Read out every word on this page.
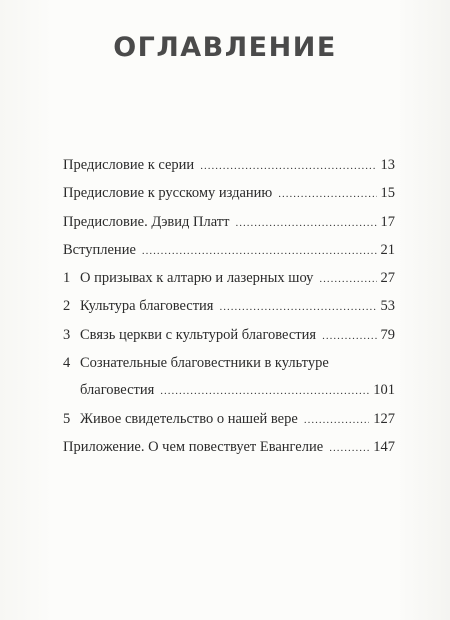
ОГЛАВЛЕНИЕ
Предисловие к серии .....	13
Предисловие к русскому изданию .....	15
Предисловие. Дэвид Платт .....	17
Вступление .....	21
1 О призывах к алтарю и лазерных шоу .....	27
2 Культура благовестия .....	53
3 Связь церкви с культурой благовестия .....	79
4 Сознательные благовестники в культуре
благовестия .....	101
5 Живое свидетельство о нашей вере .....	127
Приложение. О чем повествует Евангелие .....	147
